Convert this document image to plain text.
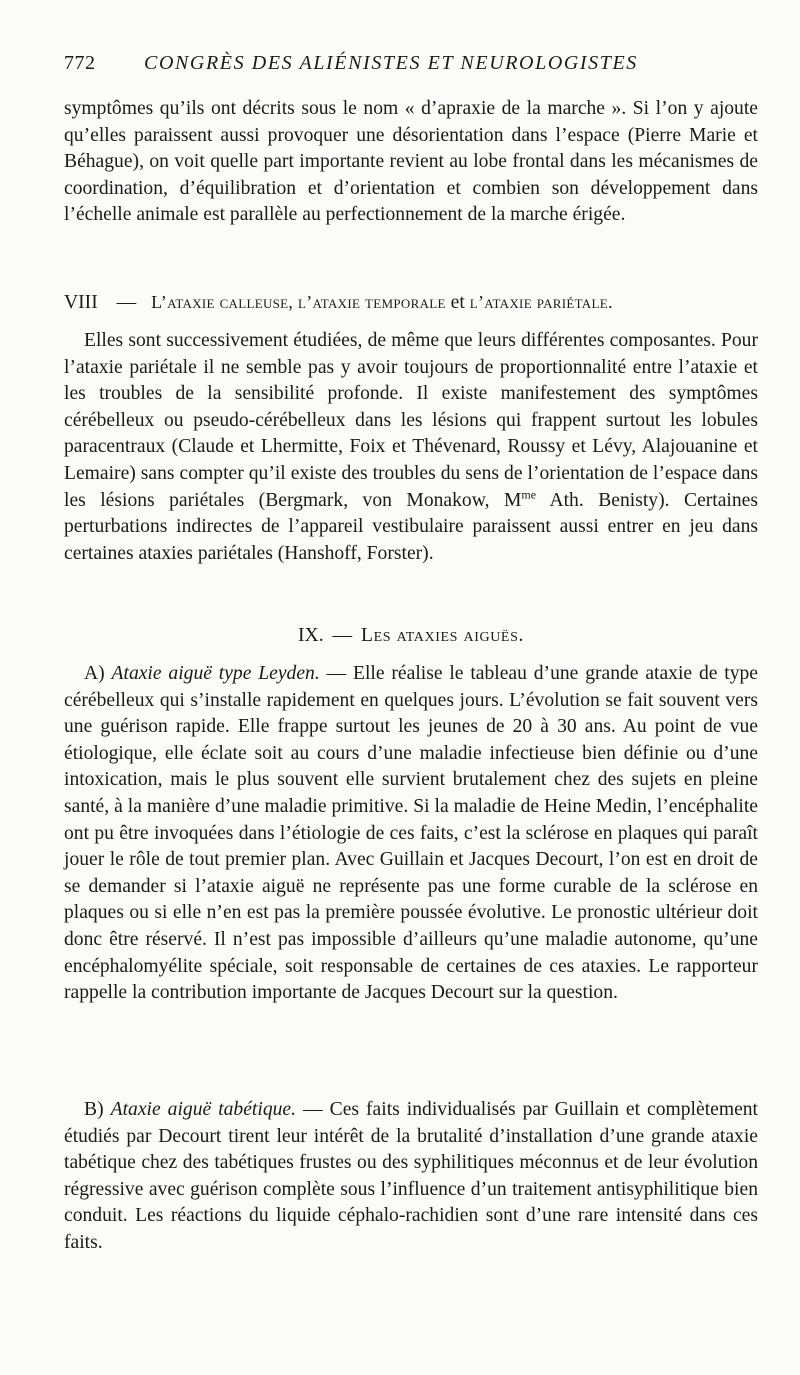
772 CONGRÈS DES ALIÉNISTES ET NEUROLOGISTES

symptômes qu’ils ont décrits sous le nom « d’apraxie de la marche ». Si l’on y ajoute qu’elles paraissent aussi provoquer une désorientation dans l’espace (Pierre Marie et Béhague), on voit quelle part importante revient au lobe frontal dans les mécanismes de coordination, d’équilibration et d’orientation et combien son développement dans l’échelle animale est parallèle au perfectionnement de la marche érigée.

VIII — L’ataxie calleuse, l’ataxie temporale et l’ataxie pariétale.

Elles sont successivement étudiées, de même que leurs différentes composantes. Pour l’ataxie pariétale il ne semble pas y avoir toujours de proportionnalité entre l’ataxie et les troubles de la sensibilité profonde. Il existe manifestement des symptômes cérébelleux ou pseudo-cérébelleux dans les lésions qui frappent surtout les lobules paracentraux (Claude et Lhermitte, Foix et Thévenard, Roussy et Lévy, Alajouanine et Lemaire) sans compter qu’il existe des troubles du sens de l’orientation de l’espace dans les lésions pariétales (Bergmark, von Monakow, $M^{me}$ Ath. Benisty). Certaines perturbations indirectes de l’appareil vestibulaire paraissent aussi entrer en jeu dans certaines ataxies pariétales (Hanshoff, Forster).

IX. — Les ataxies aiguës.

A) Ataxie aiguë type Leyden. — Elle réalise le tableau d’une grande ataxie de type cérébelleux qui s’installe rapidement en quelques jours. L’évolution se fait souvent vers une guérison rapide. Elle frappe surtout les jeunes de 20 à 30 ans. Au point de vue étiologique, elle éclate soit au cours d’une maladie infectieuse bien définie ou d’une intoxication, mais le plus souvent elle survient brutalement chez des sujets en pleine santé, à la manière d’une maladie primitive. Si la maladie de Heine Medin, l’encéphalite ont pu être invoquées dans l’étiologie de ces faits, c’est la sclérose en plaques qui paraît jouer le rôle de tout premier plan. Avec Guillain et Jacques Decourt, l’on est en droit de se demander si l’ataxie aiguë ne représente pas une forme curable de la sclérose en plaques ou si elle n’en est pas la première poussée évolutive. Le pronostic ultérieur doit donc être réservé. Il n’est pas impossible d’ailleurs qu’une maladie autonome, qu’une encéphalomyélite spéciale, soit responsable de certaines de ces ataxies. Le rapporteur rappelle la contribution importante de Jacques Decourt sur la question.

B) Ataxie aiguë tabétique. — Ces faits individualisés par Guillain et complètement étudiés par Decourt tirent leur intérêt de la brutalité d’installation d’une grande ataxie tabétique chez des tabétiques frustes ou des syphilitiques méconnus et de leur évolution régressive avec guérison complète sous l’influence d’un traitement antisyphilitique bien conduit. Les réactions du liquide céphalo-rachidien sont d’une rare intensité dans ces faits.
